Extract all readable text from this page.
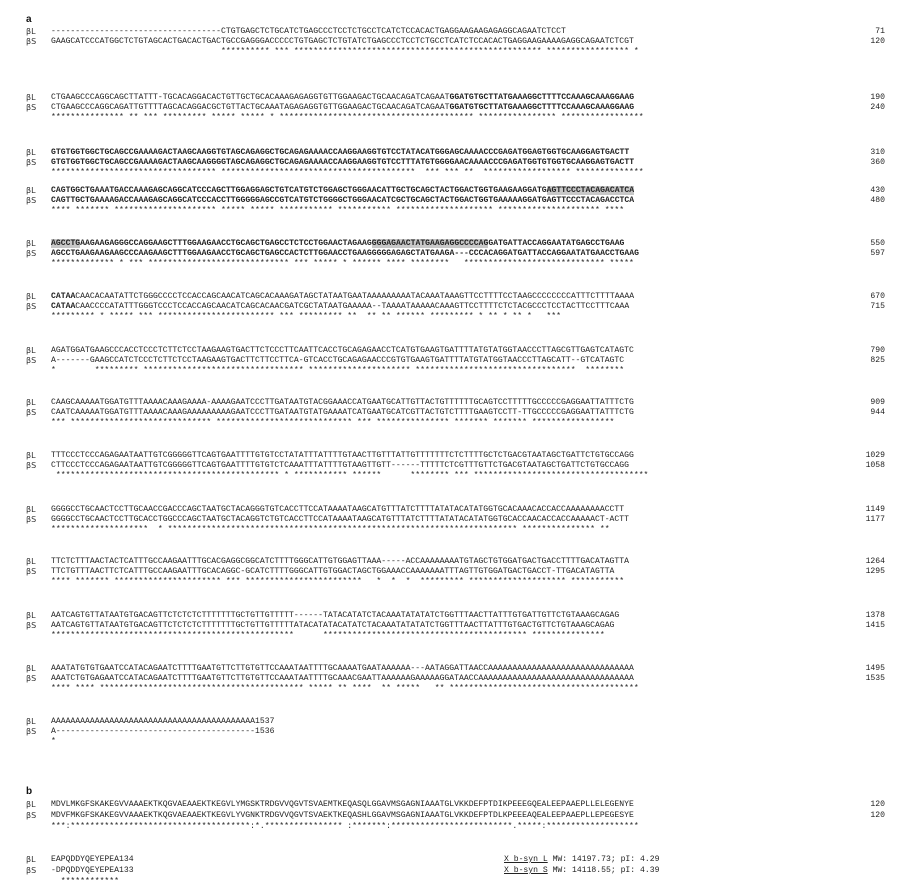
a
βL -----------------------------------CTGTGAGCTCTGCATCTGAGCCCTCCTCTGCCTCATCTCCACACTGAGGAAGAAGAGAGGCAGAATCTCCT	71
βS GAAGCATCCCATGGCTCTGTAGCACTGACACTGACTGCCGAGGGACCCCCTGTGAGCTCTGTATCTGAGCCCTCCTCTGCCTCATCTCCACACTGAGGAAGAAAAGAGGCAGAATCTCGT	120
********** *** *************************************************** ***************** *
βL CTGAAGCCCAGGCAGCTTATTT-TGCACAGGACACTGTTGCTGCACAAAGAGAGGTGTTGGAAGACTGCAACAGATCAGAATGGATGTGCTTATGAAAGGCTTTTCCAAAGCAAAGGAAG	190
βS CTGAAGCCCAGGCAGATTGTTTTAGCACAGGACGCTGTTACTGCAAATAGAGAGGTGTTGGAAGACTGCAACAGATCAGAATGGATGTGCTTATGAAAGGCTTTTCCAAAGCAAAGGAAG	240
*************** ** *** ********* ***** ***** * **************************************** **************** *****************
βL GTGTGGTGGCTGCAGCCGAAAAGACTAAGCAAGGTGTAGCAGAGGCTGCAGAGAAAACCAAGGAAGGTGTCCTATACATGGGAGCAAAACCCGAGATGGAGTGGTGCAAGGAGTGACTT	310
βS GTGTGGTGGCTGCAGCCGAAAAGACTAAGCAAGGGGTAGCAGAGGCTGCAGAGAAAACCAAGGAAGGTGTCCTTTATGTGGGGAACAAAACCCGAGATGGTGTGGTGCAAGGAGTGACTT	360
********************************** ****************************************  *** *** **  ****************** **************
βL CAGTGGCTGAAATGACCAAAGAGCAGGCATCCCAGCTTGGAGGAGCTGTCATGTCTGGAGCTGGGAACATTGCTGCAGCTACTGGACTGGTGAAGAAGGATGAGTTCCCTACAGACATCA	430
βS CAGTTGCTGAAAAGACCAAAGAGCAGGCATCCCACCTTGGGGGAGCCGTCATGTCTGGGGCTGGGAACATCGCTGCAGCTACTGGACTGGTGAAAAAGGATGAGTTCCCTACAGACCTCA	480
**** ******* ********************* ***** ***** *********** *********** ******************** ********************* ****
βL AGCCTGAAGAAGAGGGCCAGGAAGCTTTGGAAGAACCTGCAGCTGAGCCTCTCCTGGAACTAGAAGGGGAGAACTATGAAGAGGCCCCAGGATGATTACCAGGAATATGAGCCTGAAG	550
βS AGCCTGAAGAAGAAGCCCAAGAAGCTTTGGAAGAACCTGCAGCTGAGCCACTCTTGGAACCTGAAGGGGGAGAGCTATGAAGA---CCCACAGGATGATTACCAGGAATATGAACCTGAAG	597
************* * *** ***************************** *** ***** * ****** **** ********   ***************************** *****
βL CATAACAACACAATATTCTGGGCCCCTCCACCAGCAACATCAGCACAAAGATAGCTATAATGAATAAAAAAAAATACAAATAAAGTTCCTTTTCCTAAGCCCCCCCCATTTCTTTTAAAA	670
βS CATAACAACCCCATATTTGGGTCCCTCCACCAGCAACATCAGCACAACGATCGCTATAATGAAAAA--TAAAATAAAAACAAAGTTCCTTTTCTCTACGCCCTCCTACTTCCTTTCAAA	715
********* * ***** *** ************************ *** ********* **  ** ** ****** ********* * ** * ** *   ***
βL AGATGGATGAAGCCCACCTCCCTCTTCTCCTAAGAAGTGACTTCTCCCTTCAATTCACCTGCAGAGAACCTCATGTGAAGTGATTTTATGTATGGTAACCCTTAGCGTTGAGTCATAGTC	790
βS A-------GAAGCCATCTCCCTCTTCTCCTAAGAAGTGACTTCTTCCTTCA-GTCACCTGCAGAGAACCCGTGTGAAGTGATTTTATGTATGGTAACCCTTAGCATT--GTCATAGTC	825
*        ********* ********************************* ********************* *********************************  ********
βL CAAGCAAAAATGGATGTTTAAAACAAAGAAAA-AAAAGAATCCCTTGATAATGTACGGAAACCATGAATGCATTGTTACTGTTTTTTGCAGTCCTTTTTGCCCCCGAGGAATTATTTCTG	909
βS CAATCAAAAATGGATGTTTAAAACAAAGAAAAAAAAAGAATCCCTTGATAATGTATGAAAATCATGAATGCATCGTTACTGTCTTTTGAAGTCCTT-TTGCCCCCGAGGAATTATTTCTG	944
*** ***************************** **************************** *** *************** ******* ******* *****************
βL TTTCCCTCCCAGAGAATAATTGTCGGGGGTTCAGTGAATTTTGTGTCCTATATTTATTTTGTAACTTGTTTATTGTTTTTTTCTCTTTTGCTCTGACGTAATAGCTGATTCTGTGCCAGG	1029
βS CTTCCCTCCCAGAGAATAATTGTCGGGGGTTCAGTGAATTTTGTGTCTCAAATTTATTTTGTAAGTTGTT------TTTTTCTCGTTTGTTCTGACGTAATAGCTGATTCTGTGCCAGG	1058
********************************************** * *********** ******      ******** *** ************************************
βL GGGGCCTGCAACTCCTTGCAACCGACCCAGCTAATGCTACAGGGTGTCACCTTCCATAAAATAAGCATGTTTATCTTTTATATACATATGGTGCACAAACACCACCAAAAAAAACCTT	1149
βS GGGGCCTGCAACTCCTTGCACCTGGCCCAGCTAATGCTACAGGTCTGTCACCTTCCATAAAATAAGCATGTTTATCTTTTATATACATATGGTGCACCAACACCACCAAAAACT-ACTT	1177
********************  * ************************************************************************ *************** **
βL TTCTCTTTAACTACTCATTTGCCAAGAATTTGCACGAGGCGGCATCTTTTGGGCATTGTGGAGTTAAA-----ACCAAAAAAAATGTAGCTGTGGATGACTGACCTTTTGACATAGTTA	1264
βS TTCTGTTTAACTTCTCATTTGCCAAGAATTTGCACAGGC-GCATCTTTTGGGCATTGTGGACTAGCTGGAAACCAAAAAAATTTAGTTGTGGATGACTGACCT-TTGACATAGTTA	1295
**** ******* ********************** *** ************************   *  *  *  ********* ******************** ***********
βL AATCAGTGTTATAATGTGACAGTTCTCTCTCTTTTTTTGCTGTTGTTTTT------TATACATATCTACAAATATATATCTGGTTTAACTTATTTGTGATTGTTCTGTAAAGCAGAG	1378
βS AATCAGTGTTATAATGTGACAGTTCTCTCTCTTTTTTTGCTGTTGTTTTTATACATATACATATCTACAAATATATATCTGGTTTAACTTATTTGTGACTGTTCTGTAAAGCAGAG	1415
**************************************************      ****************************************** ***************
βL AAATATGTGTGAATCCATACAGAATCTTTTGAATGTTCTTGTGTTCCAAATAATTTTGCAAAATGAATAAAAAA---AATAGGATTAACCAAAAAAAAAAAAAAAAAAAAAAAAAAAAAA	1495
βS AAATCTGTGAGAATCCATACAGAATCTTTTGAATGTTCTTGTGTTCCAAATAATTTTGCAAACGAATTAAAAAAGAAAAAGGATAACCAAAAAAAAAAAAAAAAAAAAAAAAAAAAAAAA	1535
**** **** ****************************************** ***** ** ****  ** *****   ** ***************************************
βL AAAAAAAAAAAAAAAAAAAAAAAAAAAAAAAAAAAAAAAAAA1537
βS A-----------------------------------------1536
*
b
βL MDVLMKGFSKAKEGVVAAAEKTKQGVAEAAEKTKEGVLYMGSKTRDGVVQGVTSVAEMTKEQASQLGGAVMSGAGNIAAATGLVKKDEFPTDIKPEEEGQEALEEPAAEPLLELEGENYE	120
βS MDVFMKGFSKAKEGVVAAAEKTKQGVAEAAEKTKEGVLYVGNKTRDGVVQGVTSVAEKTKEQASHLGGAVMSGAGNIAAATGLVKKDEFPTDLKPEEEAQEALEEPAAEPLLEPEGESYE	120
***:*************************************:*.**************** :*******:*************************.*****:*******************
βL EAPQDDYQEYEPEA134	X b-syn L MW: 14197.73; pI: 4.29
βS -DPQDDYQEYEPEA133	X b-syn S MW: 14118.55; pI: 4.39
************
